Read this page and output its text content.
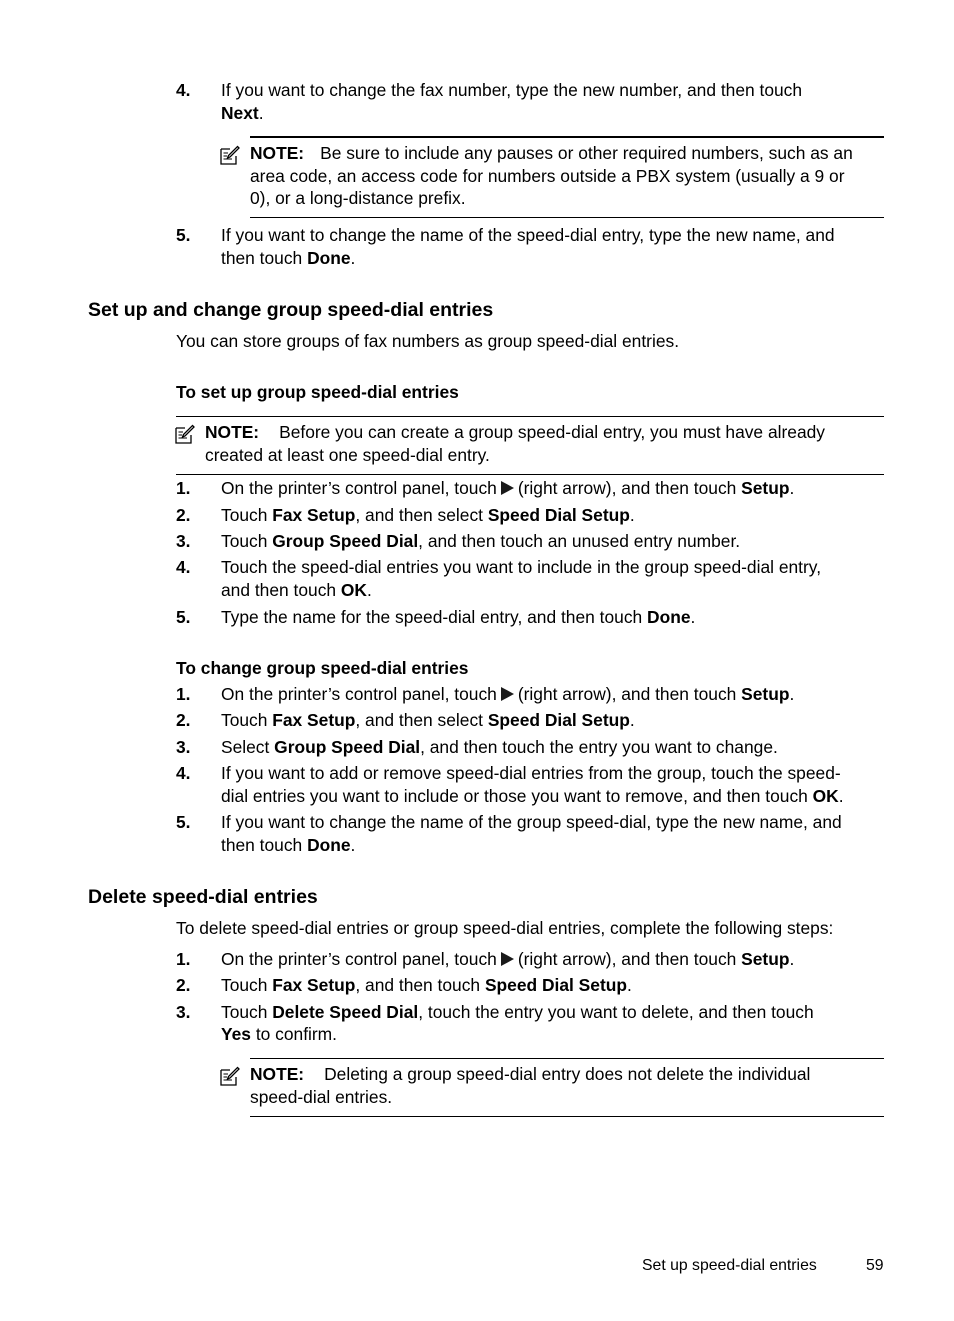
4. If you want to change the fax number, type the new number, and then touch
Next.
NOTE: Be sure to include any pauses or other required numbers, such as an
area code, an access code for numbers outside a PBX system (usually a 9 or
0), or a long-distance prefix.
5. If you want to change the name of the speed-dial entry, type the new name, and
then touch Done.
Set up and change group speed-dial entries
You can store groups of fax numbers as group speed-dial entries.
To set up group speed-dial entries
NOTE: Before you can create a group speed-dial entry, you must have already
created at least one speed-dial entry.
1. On the printer’s control panel, touch (right arrow), and then touch Setup.
2. Touch Fax Setup, and then select Speed Dial Setup.
3. Touch Group Speed Dial, and then touch an unused entry number.
4. Touch the speed-dial entries you want to include in the group speed-dial entry,
and then touch OK.
5. Type the name for the speed-dial entry, and then touch Done.
To change group speed-dial entries
1. On the printer’s control panel, touch (right arrow), and then touch Setup.
2. Touch Fax Setup, and then select Speed Dial Setup.
3. Select Group Speed Dial, and then touch the entry you want to change.
4. If you want to add or remove speed-dial entries from the group, touch the speed-
dial entries you want to include or those you want to remove, and then touch OK.
5. If you want to change the name of the group speed-dial, type the new name, and
then touch Done.
Delete speed-dial entries
To delete speed-dial entries or group speed-dial entries, complete the following steps:
1. On the printer’s control panel, touch (right arrow), and then touch Setup.
2. Touch Fax Setup, and then touch Speed Dial Setup.
3. Touch Delete Speed Dial, touch the entry you want to delete, and then touch
Yes to confirm.
NOTE: Deleting a group speed-dial entry does not delete the individual
speed-dial entries.
Set up speed-dial entries	59
